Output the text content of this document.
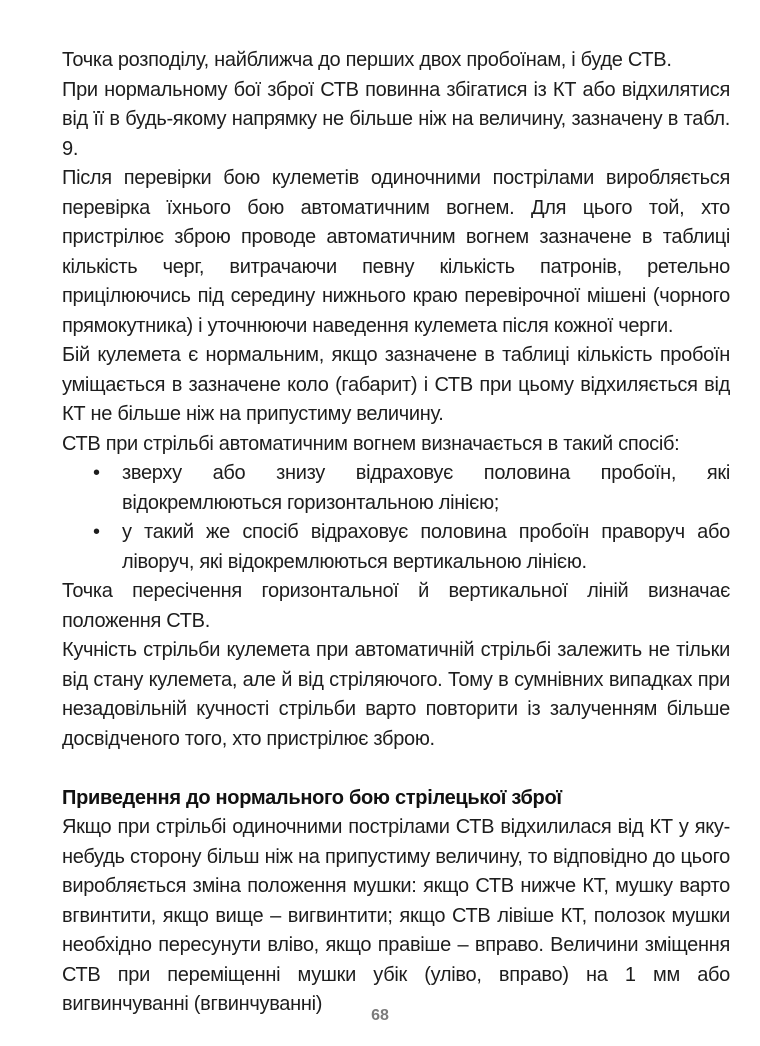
Точка розподілу, найближча до перших двох пробоїнам, і буде СТВ.

При нормальному бої зброї СТВ повинна збігатися із КТ або відхилятися від її в будь-якому напрямку не більше ніж на величину, зазначену в табл. 9.

Після перевірки бою кулеметів одиночними пострілами виробляється перевірка їхнього бою автоматичним вогнем. Для цього той, хто пристрілює зброю проводе автоматичним вогнем зазначене в таблиці кількість черг, витрачаючи певну кількість патронів, ретельно прицілюючись під середину нижнього краю перевірочної мішені (чорного прямокутника) і уточнюючи наведення кулемета після кожної черги.

Бій кулемета є нормальним, якщо зазначене в таблиці кількість пробоїн уміщається в зазначене коло (габарит) і СТВ при цьому відхиляється від КТ не більше ніж на припустиму величину.

СТВ при стрільбі автоматичним вогнем визначається в такий спосіб:

• зверху або знизу відраховує половина пробоїн, які відокремлюються горизонтальною лінією;
• у такий же спосіб відраховує половина пробоїн праворуч або ліворуч, які відокремлюються вертикальною лінією.

Точка пересічення горизонтальної й вертикальної ліній визначає положення СТВ.

Кучність стрільби кулемета при автоматичній стрільбі залежить не тільки від стану кулемета, але й від стріляючого. Тому в сумнівних випадках при незадовільній кучності стрільби варто повторити із залученням більше досвідченого того, хто пристрілює зброю.

Приведення до нормального бою стрілецької зброї

Якщо при стрільбі одиночними пострілами СТВ відхилилася від КТ у яку-небудь сторону більш ніж на припустиму величину, то відповідно до цього виробляється зміна положення мушки: якщо СТВ нижче КТ, мушку варто вгвинтити, якщо вище – вигвинтити; якщо СТВ лівіше КТ, полозок мушки необхідно пересунути вліво, якщо правіше – вправо. Величини зміщення СТВ при переміщенні мушки убік (уліво, вправо) на 1 мм або вигвинчуванні (вгвинчуванні)

68
